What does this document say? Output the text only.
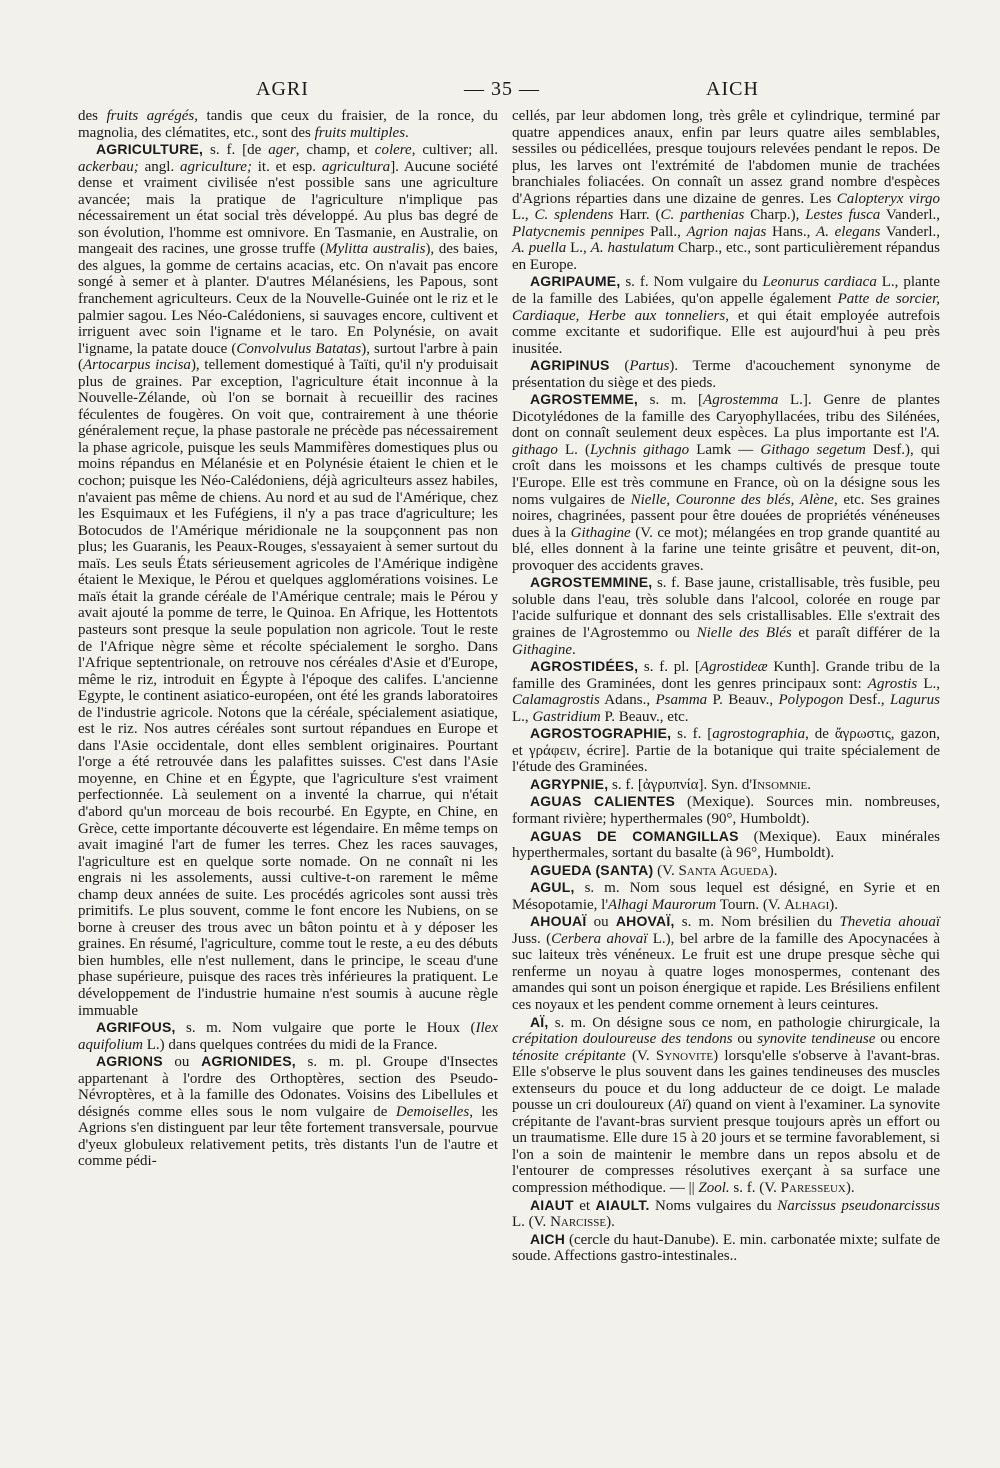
AGRI	— 35 —	AICH

des fruits agrégés, tandis que ceux du fraisier, de la ronce, du magnolia, des clématites, etc., sont des fruits multiples.

AGRICULTURE, s. f. [de ager, champ, et colere, cultiver; all. ackerbau; angl. agriculture; it. et esp. agricultura]. Aucune société dense et vraiment civilisée n'est possible sans une agriculture avancée; mais la pratique de l'agriculture n'implique pas nécessairement un état social très développé. Au plus bas degré de son évolution, l'homme est omnivore. En Tasmanie, en Australie, on mangeait des racines, une grosse truffe (Mylitta australis), des baies, des algues, la gomme de certains acacias, etc. On n'avait pas encore songé à semer et à planter. D'autres Mélanésiens, les Papous, sont franchement agriculteurs. Ceux de la Nouvelle-Guinée ont le riz et le palmier sagou. Les Néo-Calédoniens, si sauvages encore, cultivent et irriguent avec soin l'igname et le taro. En Polynésie, on avait l'igname, la patate douce (Convolvulus Batatas), surtout l'arbre à pain (Artocarpus incisa), tellement domestiqué à Taïti, qu'il n'y produisait plus de graines. Par exception, l'agriculture était inconnue à la Nouvelle-Zélande, où l'on se bornait à recueillir des racines féculentes de fougères. On voit que, contrairement à une théorie généralement reçue, la phase pastorale ne précède pas nécessairement la phase agricole, puisque les seuls Mammifères domestiques plus ou moins répandus en Mélanésie et en Polynésie étaient le chien et le cochon; puisque les Néo-Calédoniens, déjà agriculteurs assez habiles, n'avaient pas même de chiens. Au nord et au sud de l'Amérique, chez les Esquimaux et les Fufégiens, il n'y a pas trace d'agriculture; les Botocudos de l'Amérique méridionale ne la soupçonnent pas non plus; les Guaranis, les Peaux-Rouges, s'essayaient à semer surtout du maïs. Les seuls États sérieusement agricoles de l'Amérique indigène étaient le Mexique, le Pérou et quelques agglomérations voisines. Le maïs était la grande céréale de l'Amérique centrale; mais le Pérou y avait ajouté la pomme de terre, le Quinoa. En Afrique, les Hottentots pasteurs sont presque la seule population non agricole. Tout le reste de l'Afrique nègre sème et récolte spécialement le sorgho. Dans l'Afrique septentrionale, on retrouve nos céréales d'Asie et d'Europe, même le riz, introduit en Égypte à l'époque des califes. L'ancienne Egypte, le continent asiatico-européen, ont été les grands laboratoires de l'industrie agricole. Notons que la céréale, spécialement asiatique, est le riz. Nos autres céréales sont surtout répandues en Europe et dans l'Asie occidentale, dont elles semblent originaires. Pourtant l'orge a été retrouvée dans les palafittes suisses. C'est dans l'Asie moyenne, en Chine et en Égypte, que l'agriculture s'est vraiment perfectionnée. Là seulement on a inventé la charrue, qui n'était d'abord qu'un morceau de bois recourbé. En Egypte, en Chine, en Grèce, cette importante découverte est légendaire. En même temps on avait imaginé l'art de fumer les terres. Chez les races sauvages, l'agriculture est en quelque sorte nomade. On ne connaît ni les engrais ni les assolements, aussi cultive-t-on rarement le même champ deux années de suite. Les procédés agricoles sont aussi très primitifs. Le plus souvent, comme le font encore les Nubiens, on se borne à creuser des trous avec un bâton pointu et à y déposer les graines. En résumé, l'agriculture, comme tout le reste, a eu des débuts bien humbles, elle n'est nullement, dans le principe, le sceau d'une phase supérieure, puisque des races très inférieures la pratiquent. Le développement de l'industrie humaine n'est soumis à aucune règle immuable

AGRIFOUS, s. m. Nom vulgaire que porte le Houx (Ilex aquifolium L.) dans quelques contrées du midi de la France.

AGRIONS ou AGRIONIDES, s. m. pl. Groupe d'Insectes appartenant à l'ordre des Orthoptères, section des Pseudo-Névroptères, et à la famille des Odonates. Voisins des Libellules et désignés comme elles sous le nom vulgaire de Demoiselles, les Agrions s'en distinguent par leur tête fortement transversale, pourvue d'yeux globuleux relativement petits, très distants l'un de l'autre et comme pédi-

cellés, par leur abdomen long, très grêle et cylindrique, terminé par quatre appendices anaux, enfin par leurs quatre ailes semblables, sessiles ou pédicellées, presque toujours relevées pendant le repos. De plus, les larves ont l'extrémité de l'abdomen munie de trachées branchiales foliacées. On connaît un assez grand nombre d'espèces d'Agrions réparties dans une dizaine de genres. Les Calopteryx virgo L., C. splendens Harr. (C. parthenias Charp.), Lestes fusca Vanderl., Platycnemis pennipes Pall., Agrion najas Hans., A. elegans Vanderl., A. puella L., A. hastulatum Charp., etc., sont particulièrement répandus en Europe.

AGRIPAUME, s. f. Nom vulgaire du Leonurus cardiaca L., plante de la famille des Labiées, qu'on appelle également Patte de sorcier, Cardiaque, Herbe aux tonneliers, et qui était employée autrefois comme excitante et sudorifique. Elle est aujourd'hui à peu près inusitée.

AGRIPINUS (Partus). Terme d'acouchement synonyme de présentation du siège et des pieds.

AGROSTEMME, s. m. [Agrostemma L.]. Genre de plantes Dicotylédones de la famille des Caryophyllacées, tribu des Silénées, dont on connaît seulement deux espèces. La plus importante est l'A. githago L. (Lychnis githago Lamk — Githago segetum Desf.), qui croît dans les moissons et les champs cultivés de presque toute l'Europe. Elle est très commune en France, où on la désigne sous les noms vulgaires de Nielle, Couronne des blés, Alène, etc. Ses graines noires, chagrinées, passent pour être douées de propriétés vénéneuses dues à la Githagine (V. ce mot); mélangées en trop grande quantité au blé, elles donnent à la farine une teinte grisâtre et peuvent, dit-on, provoquer des accidents graves.

AGROSTEMMINE, s. f. Base jaune, cristallisable, très fusible, peu soluble dans l'eau, très soluble dans l'alcool, colorée en rouge par l'acide sulfurique et donnant des sels cristallisables. Elle s'extrait des graines de l'Agrostemmo ou Nielle des Blés et paraît différer de la Githagine.

AGROSTIDÉES, s. f. pl. [Agrostideæ Kunth]. Grande tribu de la famille des Graminées, dont les genres principaux sont: Agrostis L., Calamagrostis Adans., Psamma P. Beauv., Polypogon Desf., Lagurus L., Gastridium P. Beauv., etc.

AGROSTOGRAPHIE, s. f. [agrostographia, de ἄγρωστις, gazon, et γράφειν, écrire]. Partie de la botanique qui traite spécialement de l'étude des Graminées.

AGRYPNIE, s. f. [ἀγρυπνία]. Syn. d'Insomnie.

AGUAS CALIENTES (Mexique). Sources min. nombreuses, formant rivière; hyperthermales (90°, Humboldt).

AGUAS DE COMANGILLAS (Mexique). Eaux minérales hyperthermales, sortant du basalte (à 96°, Humboldt).

AGUEDA (SANTA) (V. Santa Agueda).

AGUL, s. m. Nom sous lequel est désigné, en Syrie et en Mésopotamie, l'Alhagi Maurorum Tourn. (V. Alhagi).

AHOUAÏ ou AHOVAÏ, s. m. Nom brésilien du Thevetia ahouaï Juss. (Cerbera ahovaï L.), bel arbre de la famille des Apocynacées à suc laiteux très vénéneux. Le fruit est une drupe presque sèche qui renferme un noyau à quatre loges monospermes, contenant des amandes qui sont un poison énergique et rapide. Les Brésiliens enfilent ces noyaux et les pendent comme ornement à leurs ceintures.

AÏ, s. m. On désigne sous ce nom, en pathologie chirurgicale, la crépitation douloureuse des tendons ou synovite tendineuse ou encore ténosite crépitante (V. Synovite) lorsqu'elle s'observe à l'avant-bras. Elle s'observe le plus souvent dans les gaines tendineuses des muscles extenseurs du pouce et du long adducteur de ce doigt. Le malade pousse un cri douloureux (Aï) quand on vient à l'examiner. La synovite crépitante de l'avant-bras survient presque toujours après un effort ou un traumatisme. Elle dure 15 à 20 jours et se termine favorablement, si l'on a soin de maintenir le membre dans un repos absolu et de l'entourer de compresses résolutives exerçant à sa surface une compression méthodique. — || Zool. s. f. (V. Paresseux).

AIAUT et AIAULT. Noms vulgaires du Narcissus pseudonarcissus L. (V. Narcisse).

AICH (cercle du haut-Danube). E. min. carbonatée mixte; sulfate de soude. Affections gastro-intestinales..
